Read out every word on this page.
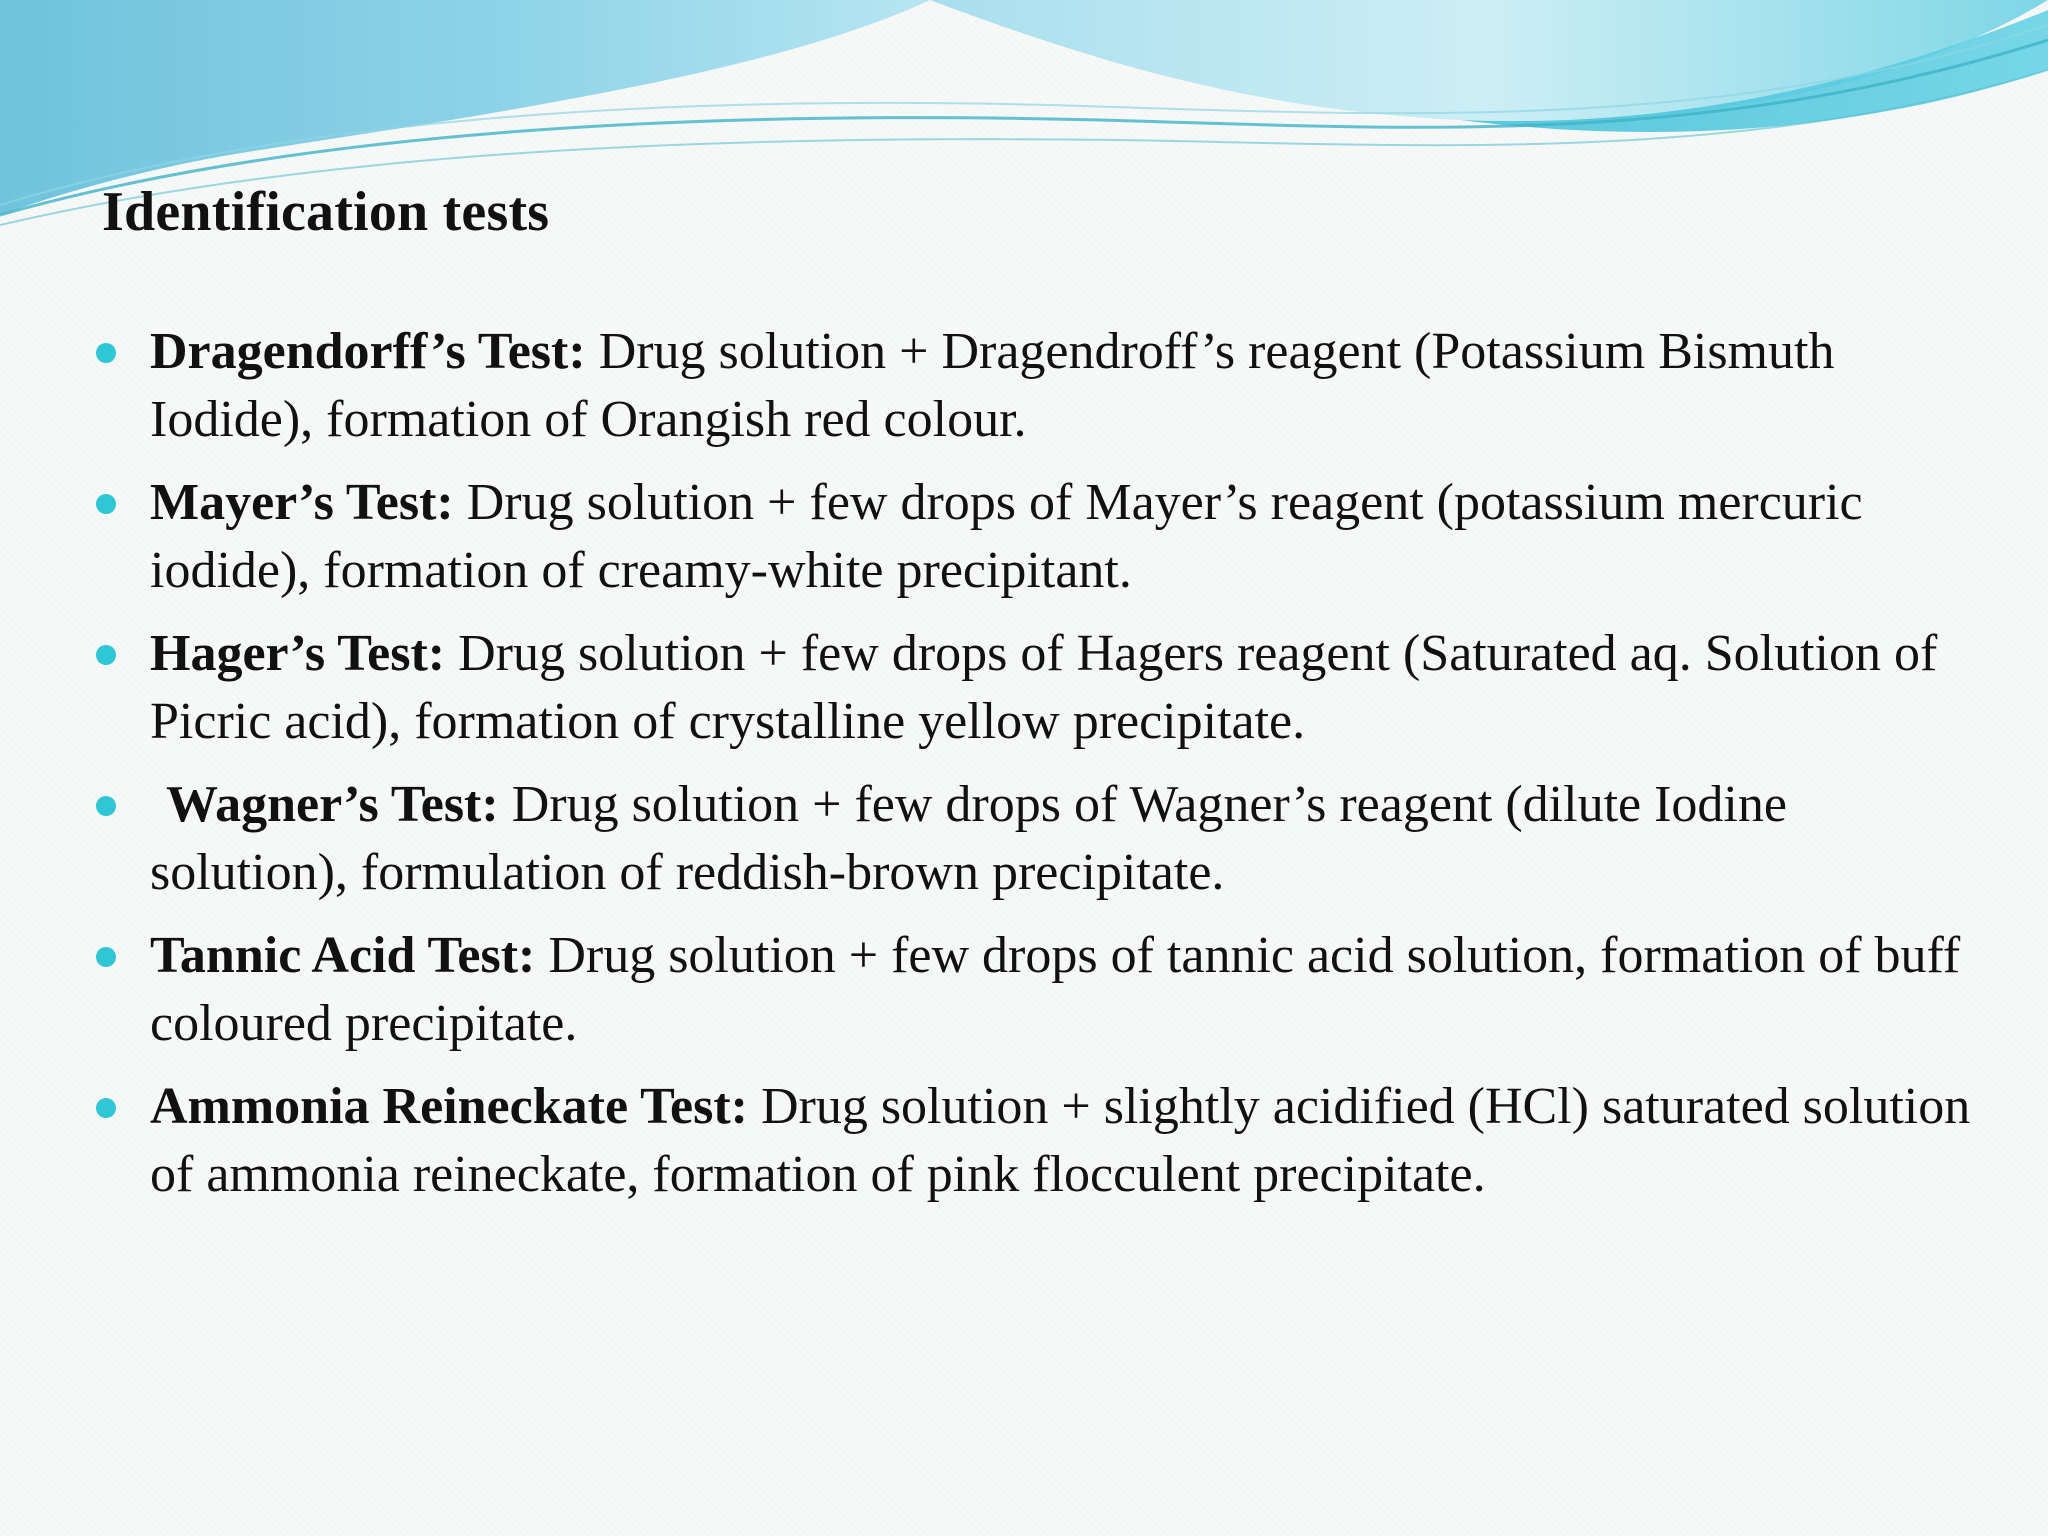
Identification tests
Dragendorff’s Test: Drug solution + Dragendroff’s reagent (Potassium Bismuth Iodide), formation of Orangish red colour.
Mayer’s Test: Drug solution + few drops of Mayer’s reagent (potassium mercuric iodide), formation of creamy-white precipitant.
Hager’s Test: Drug solution + few drops of Hagers reagent (Saturated aq. Solution of Picric acid), formation of crystalline yellow precipitate.
Wagner’s Test: Drug solution + few drops of Wagner’s reagent (dilute Iodine solution), formulation of reddish-brown precipitate.
Tannic Acid Test: Drug solution + few drops of tannic acid solution, formation of buff coloured precipitate.
Ammonia Reineckate Test: Drug solution + slightly acidified (HCl) saturated solution of ammonia reineckate, formation of pink flocculent precipitate.
